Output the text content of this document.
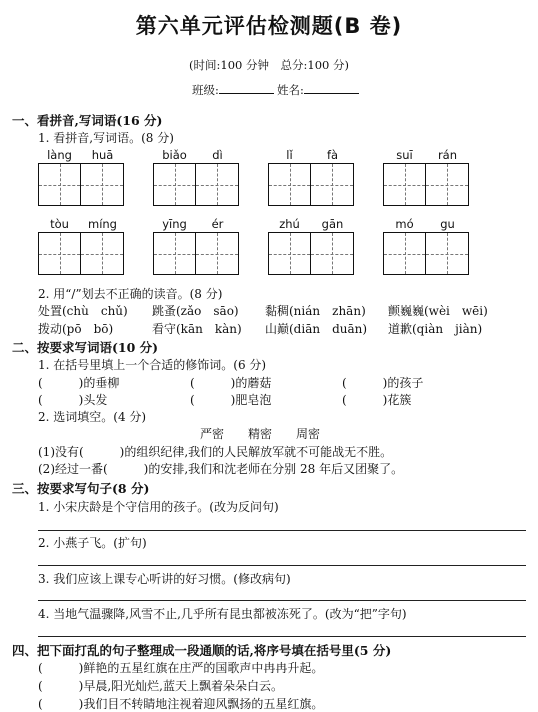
第六单元评估检测题(B 卷)
(时间:100 分钟　总分:100 分)
班级:	姓名:
一、看拼音,写词语(16 分)
1. 看拼音,写词语。(8 分)
làng	huā	biǎo	dì	lǐ	fà	suī	rán
tòu	míng	yīng	ér	zhú	gān	mó	gu
2. 用“/”划去不正确的读音。(8 分)
处置(chù　chǔ) 跳蚤(zǎo　sāo) 黏稠(nián　zhān) 颤巍巍(wèi　wēi)
拨动(pō　bō)	看守(kān　kàn) 山巅(diān　duān) 道歉(qiàn　jiàn)
二、按要求写词语(10 分)
1. 在括号里填上一个合适的修饰词。(6 分)
(　　　)的垂柳	(　　　)的蘑菇	(　　　)的孩子
(　　　)头发	(　　　)肥皂泡	(　　　)花簇
2. 选词填空。(4 分)
严密　　精密　　周密
(1)没有(　　　)的组织纪律,我们的人民解放军就不可能战无不胜。
(2)经过一番(　　　)的安排,我们和沈老师在分别 28 年后又团聚了。
三、按要求写句子(8 分)
1. 小宋庆龄是个守信用的孩子。(改为反问句)
2. 小燕子飞。(扩句)
3. 我们应该上课专心听讲的好习惯。(修改病句)
4. 当地气温骤降,风雪不止,几乎所有昆虫都被冻死了。(改为“把”字句)
四、把下面打乱的句子整理成一段通顺的话,将序号填在括号里(5 分)
(　　　)鲜艳的五星红旗在庄严的国歌声中冉冉升起。
(　　　)早晨,阳光灿烂,蓝天上飘着朵朵白云。
(　　　)我们目不转睛地注视着迎风飘扬的五星红旗。
